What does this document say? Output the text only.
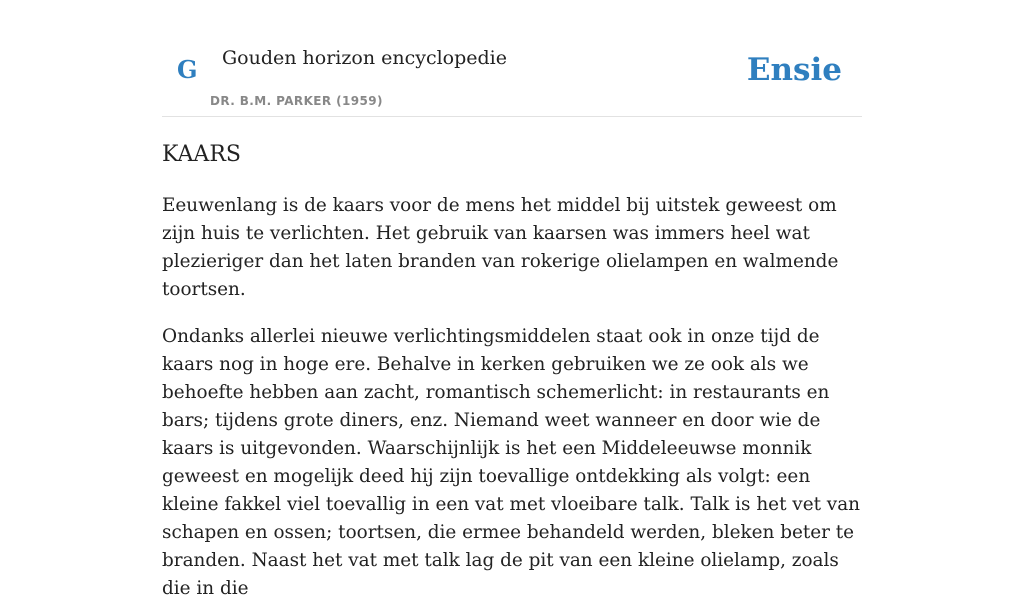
G Gouden horizon encyclopedie
DR. B.M. PARKER (1959)
Ensie
KAARS

Eeuwenlang is de kaars voor de mens het middel bij uitstek geweest om zijn huis te verlichten. Het gebruik van kaarsen was immers heel wat plezieriger dan het laten branden van rokerige olielampen en walmende toortsen.

Ondanks allerlei nieuwe verlichtingsmiddelen staat ook in onze tijd de kaars nog in hoge ere. Behalve in kerken gebruiken we ze ook als we behoefte hebben aan zacht, romantisch schemerlicht: in restaurants en bars; tijdens grote diners, enz. Niemand weet wanneer en door wie de kaars is uitgevonden. Waarschijnlijk is het een Middeleeuwse monnik geweest en mogelijk deed hij zijn toevallige ontdekking als volgt: een kleine fakkel viel toevallig in een vat met vloeibare talk. Talk is het vet van schapen en ossen; toortsen, die ermee behandeld werden, bleken beter te branden. Naast het vat met talk lag de pit van een kleine olielamp, zoals die in die
